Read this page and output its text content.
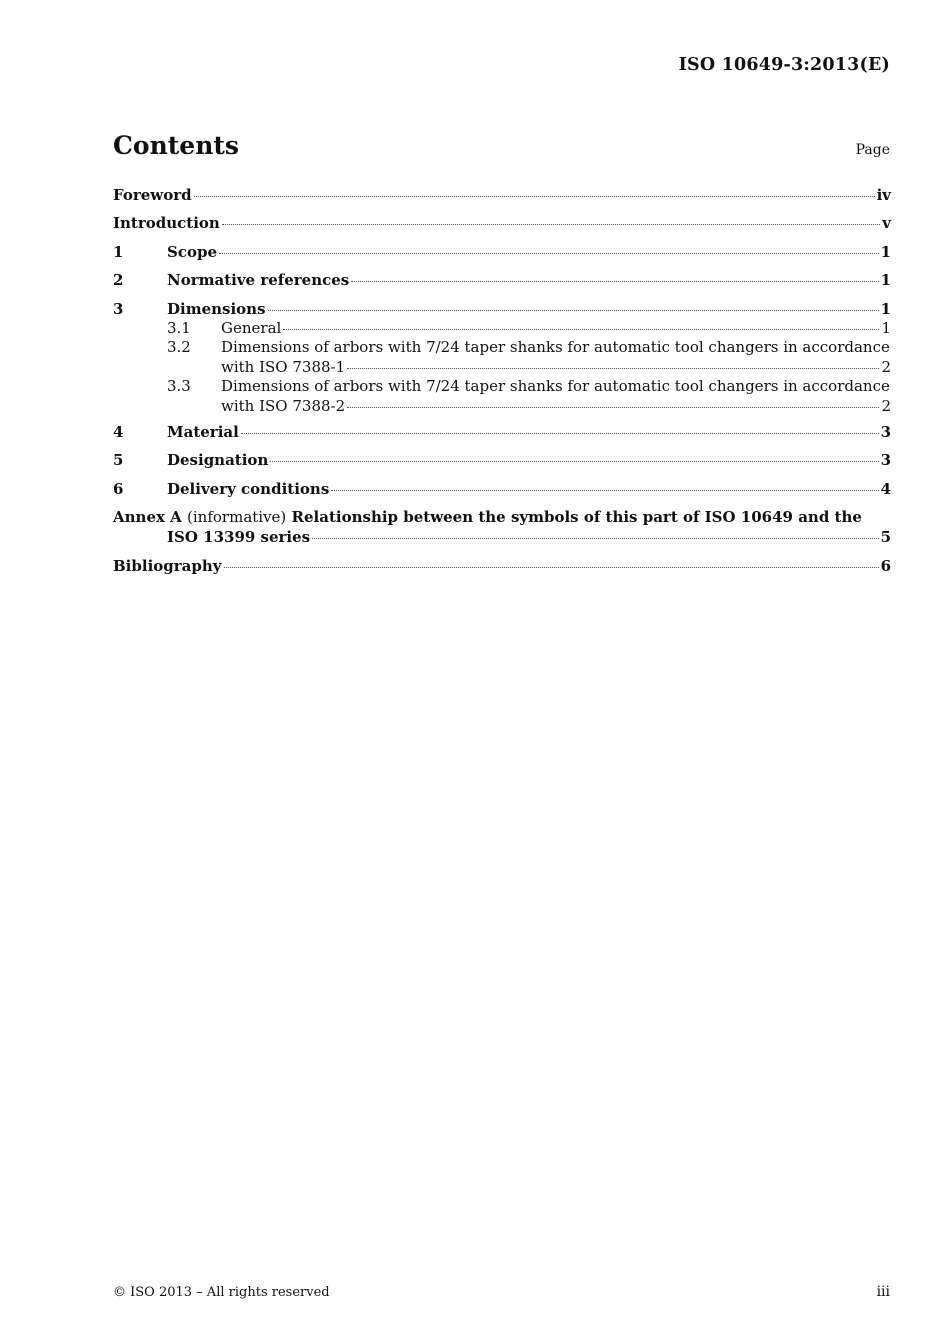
ISO 10649-3:2013(E)
Contents	Page
Foreword	iv
Introduction	v
1	Scope	1
2	Normative references	1
3	Dimensions	1
3.1	General	1
3.2	Dimensions of arbors with 7/24 taper shanks for automatic tool changers in accordance
with ISO 7388-1	2
3.3	Dimensions of arbors with 7/24 taper shanks for automatic tool changers in accordance
with ISO 7388-2	2
4	Material	3
5	Designation	3
6	Delivery conditions	4
Annex A (informative) Relationship between the symbols of this part of ISO 10649 and the
ISO 13399 series	5
Bibliography	6
© ISO 2013 – All rights reserved	iii
